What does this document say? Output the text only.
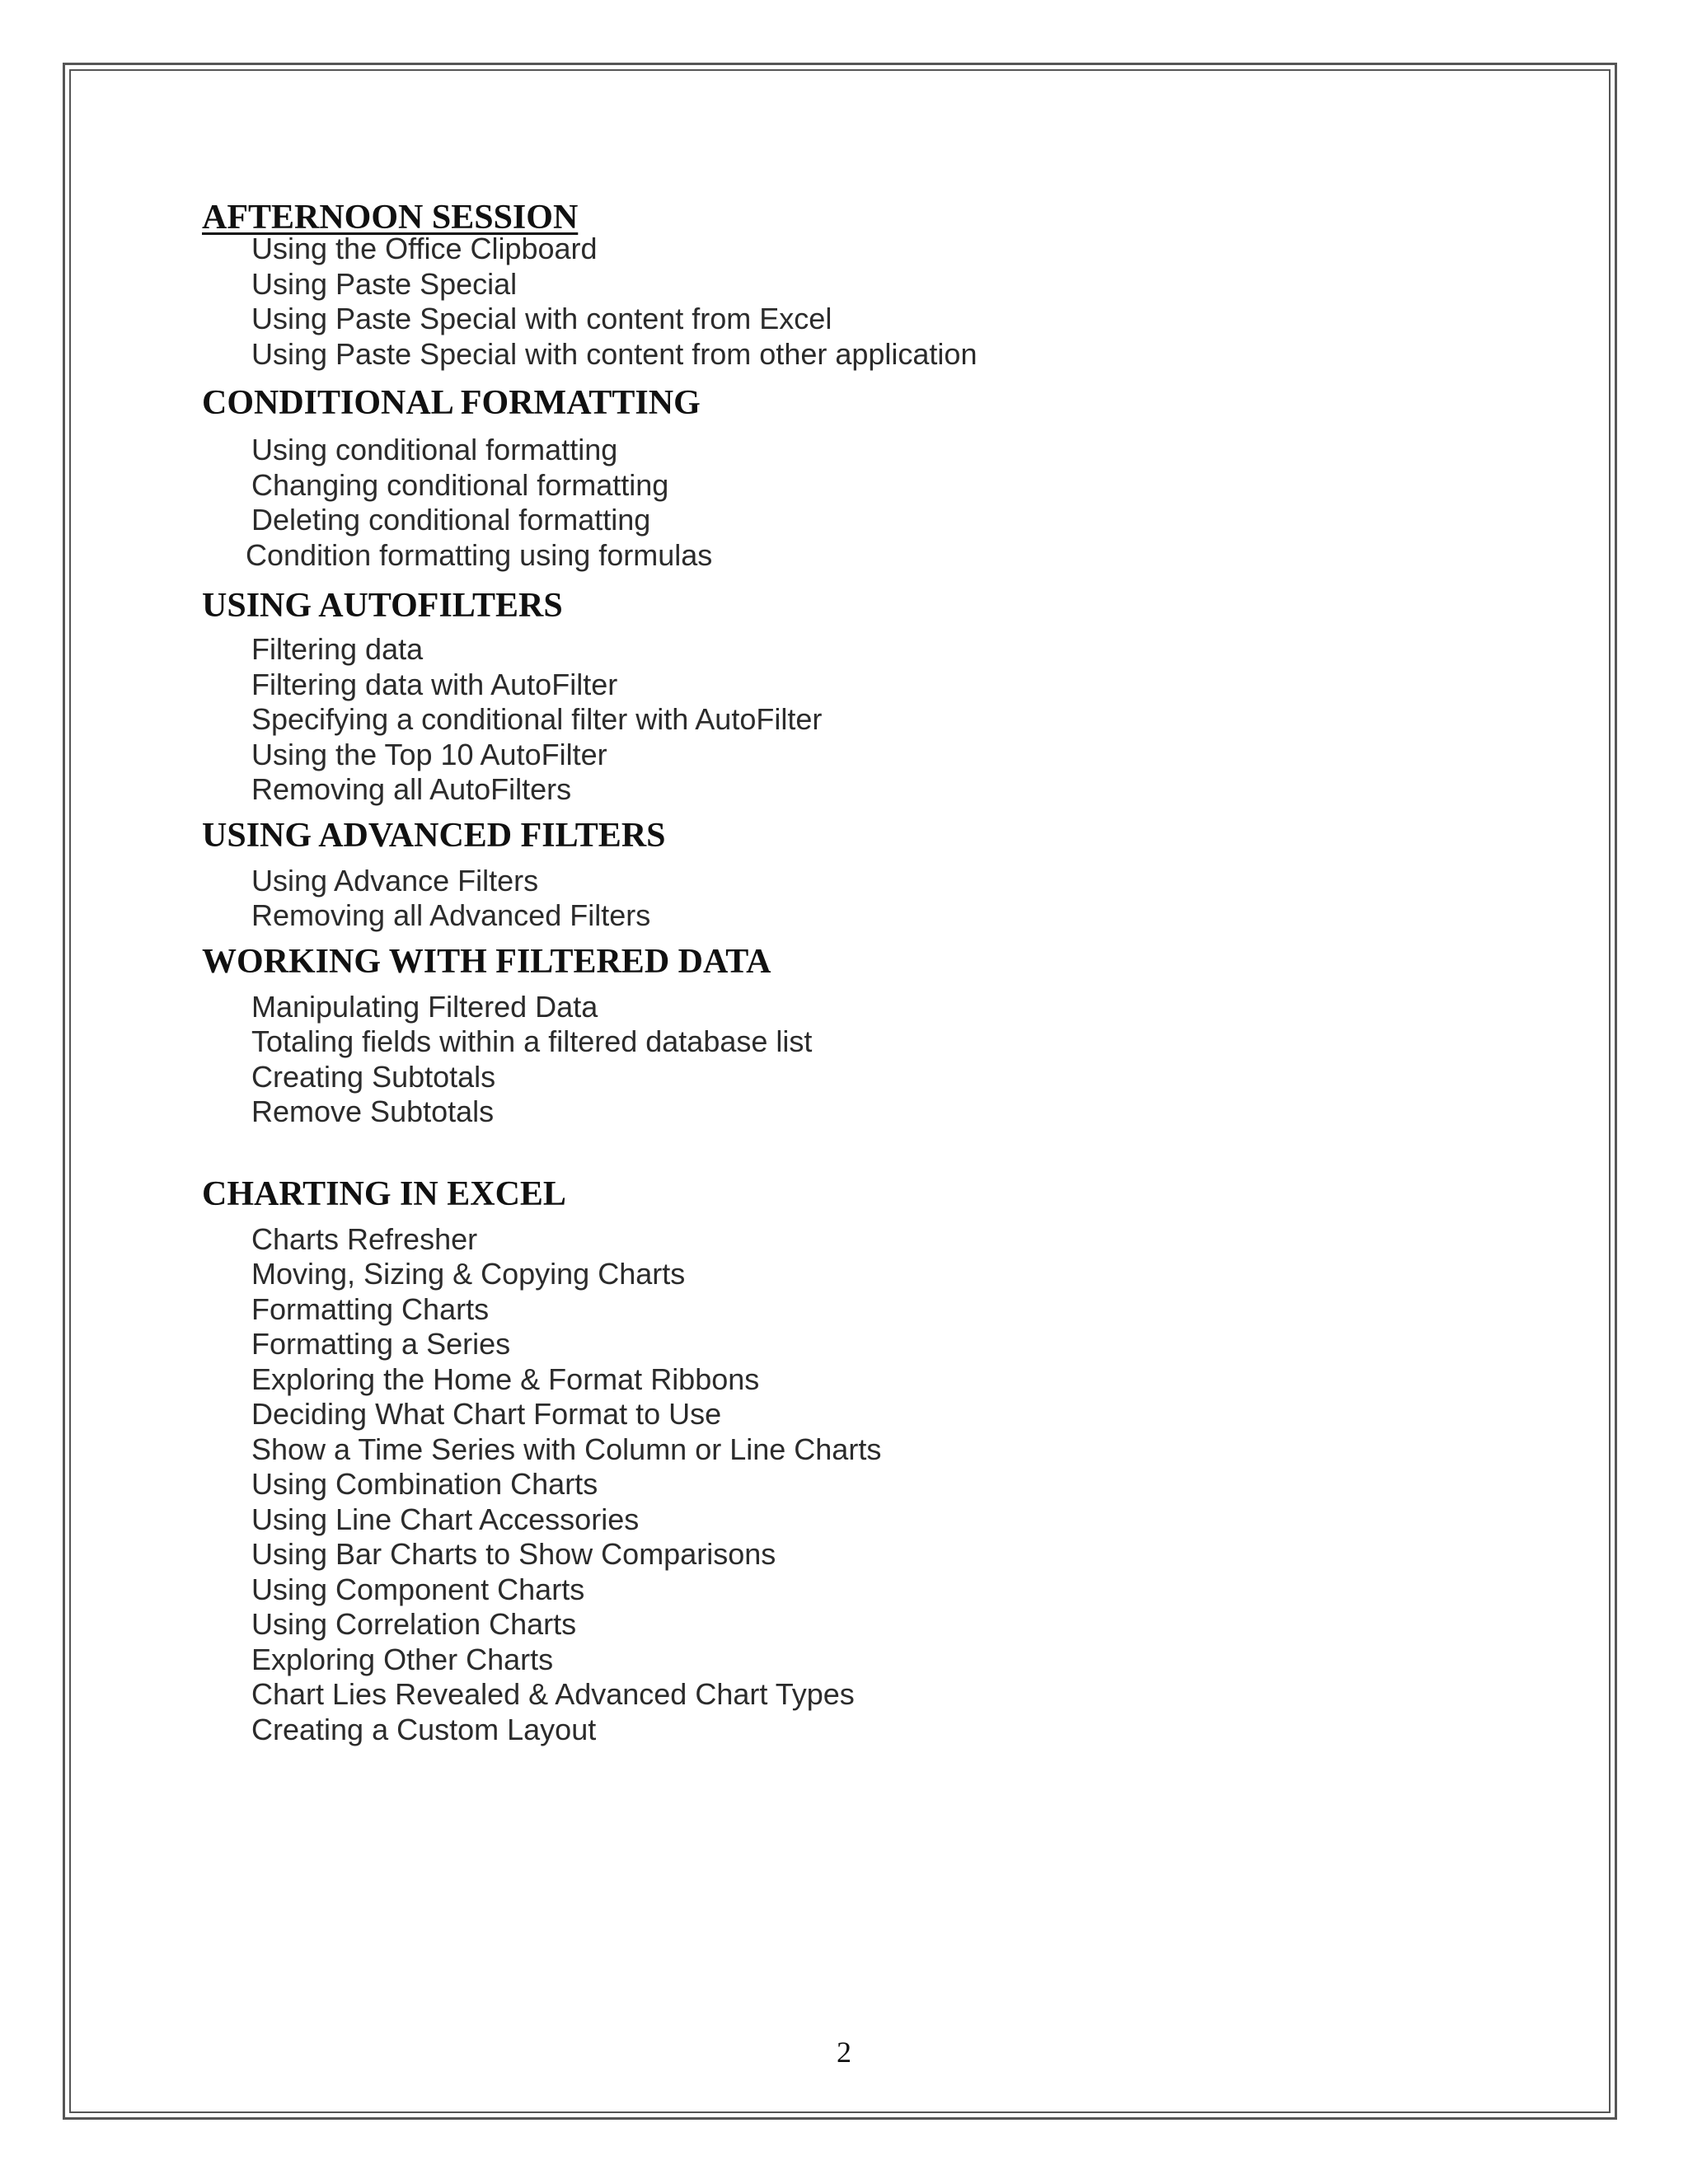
AFTERNOON SESSION
Using the Office Clipboard
Using Paste Special
Using Paste Special with content from Excel
Using Paste Special with content from other application
CONDITIONAL FORMATTING
Using conditional formatting
Changing conditional formatting
Deleting conditional formatting
Condition formatting using formulas
USING AUTOFILTERS
Filtering data
Filtering data with AutoFilter
Specifying a conditional filter with AutoFilter
Using the Top 10 AutoFilter
Removing all AutoFilters
USING ADVANCED FILTERS
Using Advance Filters
Removing all Advanced Filters
WORKING WITH FILTERED DATA
Manipulating Filtered Data
Totaling fields within a filtered database list
Creating Subtotals
Remove Subtotals
CHARTING IN EXCEL
Charts Refresher
Moving, Sizing & Copying Charts
Formatting Charts
Formatting a Series
Exploring the Home & Format Ribbons
Deciding What Chart Format to Use
Show a Time Series with Column or Line Charts
Using Combination Charts
Using Line Chart Accessories
Using Bar Charts to Show Comparisons
Using Component Charts
Using Correlation Charts
Exploring Other Charts
Chart Lies Revealed & Advanced Chart Types
Creating a Custom Layout
2
